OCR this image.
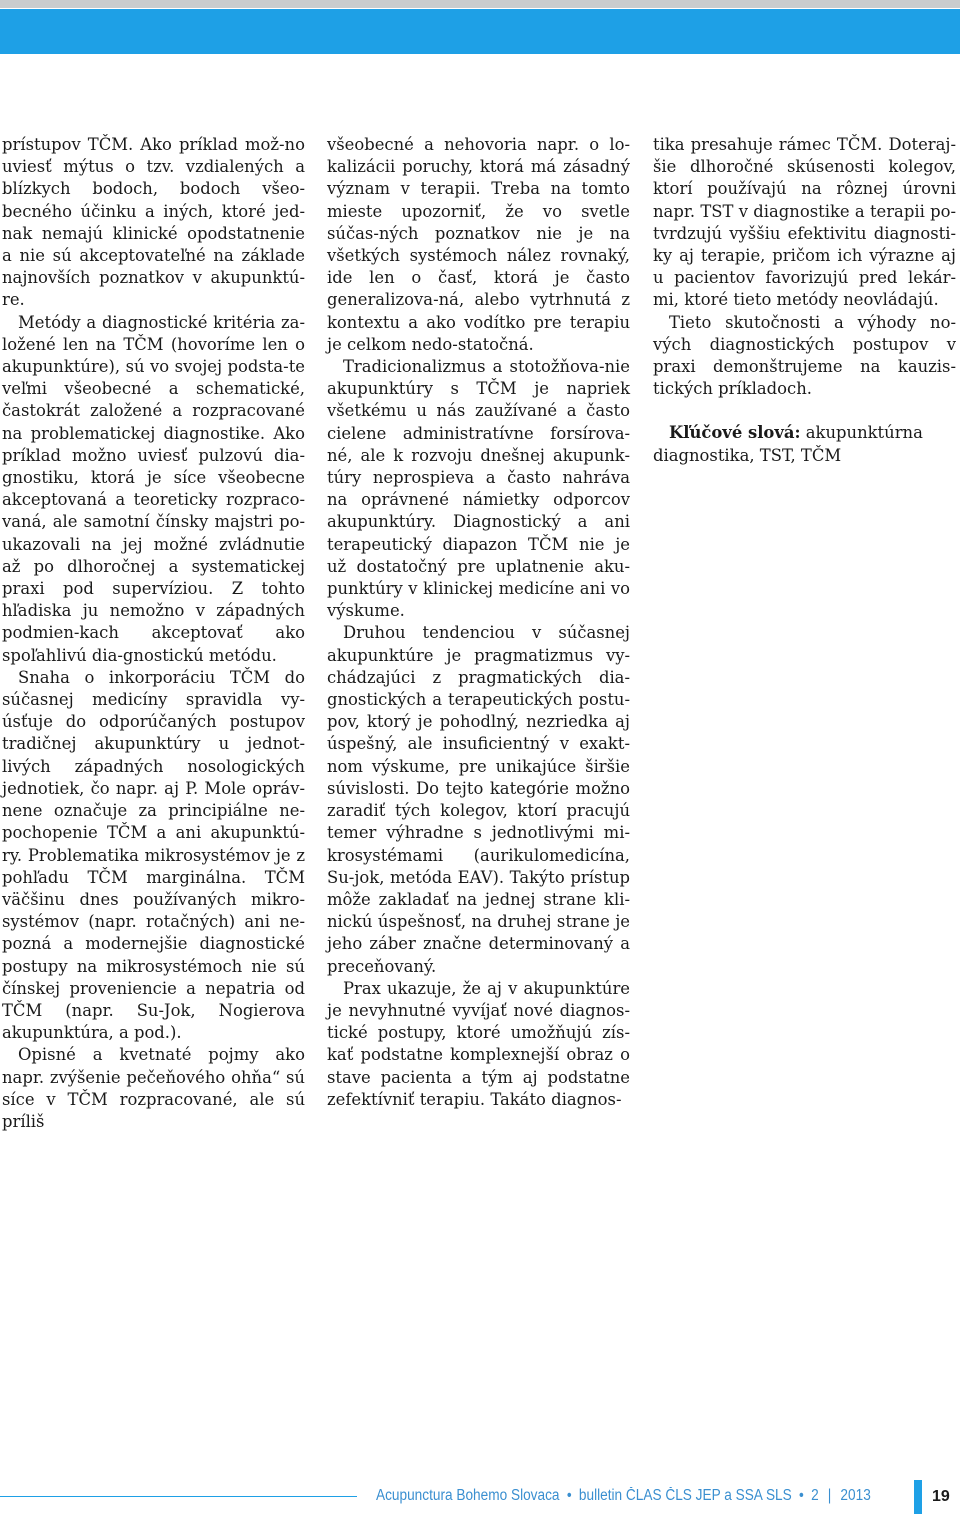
prístupov TČM. Ako príklad mož-no uviesť mýtus o tzv. vzdialených a blízkych bodoch, bodoch všeo-becného účinku a iných, ktoré jed-nak nemajú klinické opodstatnenie a nie sú akceptovateľné na základe najnovších poznatkov v akupunktú-re.

Metódy a diagnostické kritéria za-ložené len na TČM (hovoríme len o akupunktúre), sú vo svojej podsta-te veľmi všeobecné a schematické, častokrát založené a rozpracované na problematickej diagnostike. Ako príklad možno uviesť pulzovú dia-gnostiku, ktorá je síce všeobecne akceptovaná a teoreticky rozpraco-vaná, ale samotní čínsky majstri po-ukazovali na jej možné zvládnutie až po dlhoročnej a systematickej praxi pod supervíziou. Z tohto hľadiska ju nemožno v západných podmien-kach akceptovať ako spoľahlivú dia-gnostickú metódu.

Snaha o inkorporáciu TČM do súčasnej medicíny spravidla vy-úsťuje do odporúčaných postupov tradičnej akupunktúry u jednot-livých západných nosologických jednotiek, čo napr. aj P. Mole opráv-nene označuje za principiálne ne-pochopenie TČM a ani akupunktú-ry. Problematika mikrosystémov je z pohľadu TČM marginálna. TČM väčšinu dnes používaných mikro-systémov (napr. rotačných) ani ne-pozná a modernejšie diagnostické postupy na mikrosystémoch nie sú čínskej proveniencie a nepatria od TČM (napr. Su-Jok, Nogierova akupunktúra, a pod.).

Opisné a kvetnaté pojmy ako napr. zvýšenie pečeňového ohňa“ sú síce v TČM rozpracované, ale sú príliš

všeobecné a nehovoria napr. o lo-kalizácii poruchy, ktorá má zásadný význam v terapii. Treba na tomto mieste upozorniť, že vo svetle súčas-ných poznatkov nie je na všetkých systémoch nález rovnaký, ide len o časť, ktorá je často generalizova-ná, alebo vytrhnutá z kontextu a ako vodítko pre terapiu je celkom nedo-statočná.

Tradicionalizmus a stotožňova-nie akupunktúry s TČM je napriek všetkému u nás zaužívané a často cielene administratívne forsírova-né, ale k rozvoju dnešnej akupunk-túry neprospieva a často nahráva na oprávnené námietky odporcov akupunktúry. Diagnostický a ani terapeutický diapazon TČM nie je už dostatočný pre uplatnenie aku-punktúry v klinickej medicíne ani vo výskume.

Druhou tendenciou v súčasnej akupunktúre je pragmatizmus vy-chádzajúci z pragmatických dia-gnostických a terapeutických postu-pov, ktorý je pohodlný, nezriedka aj úspešný, ale insuficientný v exakt-nom výskume, pre unikajúce širšie súvislosti. Do tejto kategórie možno zaradiť tých kolegov, ktorí pracujú temer výhradne s jednotlivými mi-krosystémami (aurikulomedicína, Su-jok, metóda EAV). Takýto prístup môže zakladať na jednej strane kli-nickú úspešnosť, na druhej strane je jeho záber značne determinovaný a preceňovaný.

Prax ukazuje, že aj v akupunktúre je nevyhnutné vyvíjať nové diagnos-tické postupy, ktoré umožňujú zís-kať podstatne komplexnejší obraz o stave pacienta a tým aj podstatne zefektívniť terapiu. Takáto diagnos-

tika presahuje rámec TČM. Doteraj-šie dlhoročné skúsenosti kolegov, ktorí používajú na rôznej úrovni napr. TST v diagnostike a terapii po-tvrdzujú vyššiu efektivitu diagnosti-ky aj terapie, pričom ich výrazne aj u pacientov favorizujú pred lekár-mi, ktoré tieto metódy neovládajú.

Tieto skutočnosti a výhody no-vých diagnostických postupov v praxi demonštrujeme na kauzis-tických príkladoch.

Kľúčové slová: akupunktúrna diagnostika, TST, TČM

Acupunctura Bohemo Slovaca • bulletin ČLAS ČLS JEP a SSA SLS • 2 | 2013	19
